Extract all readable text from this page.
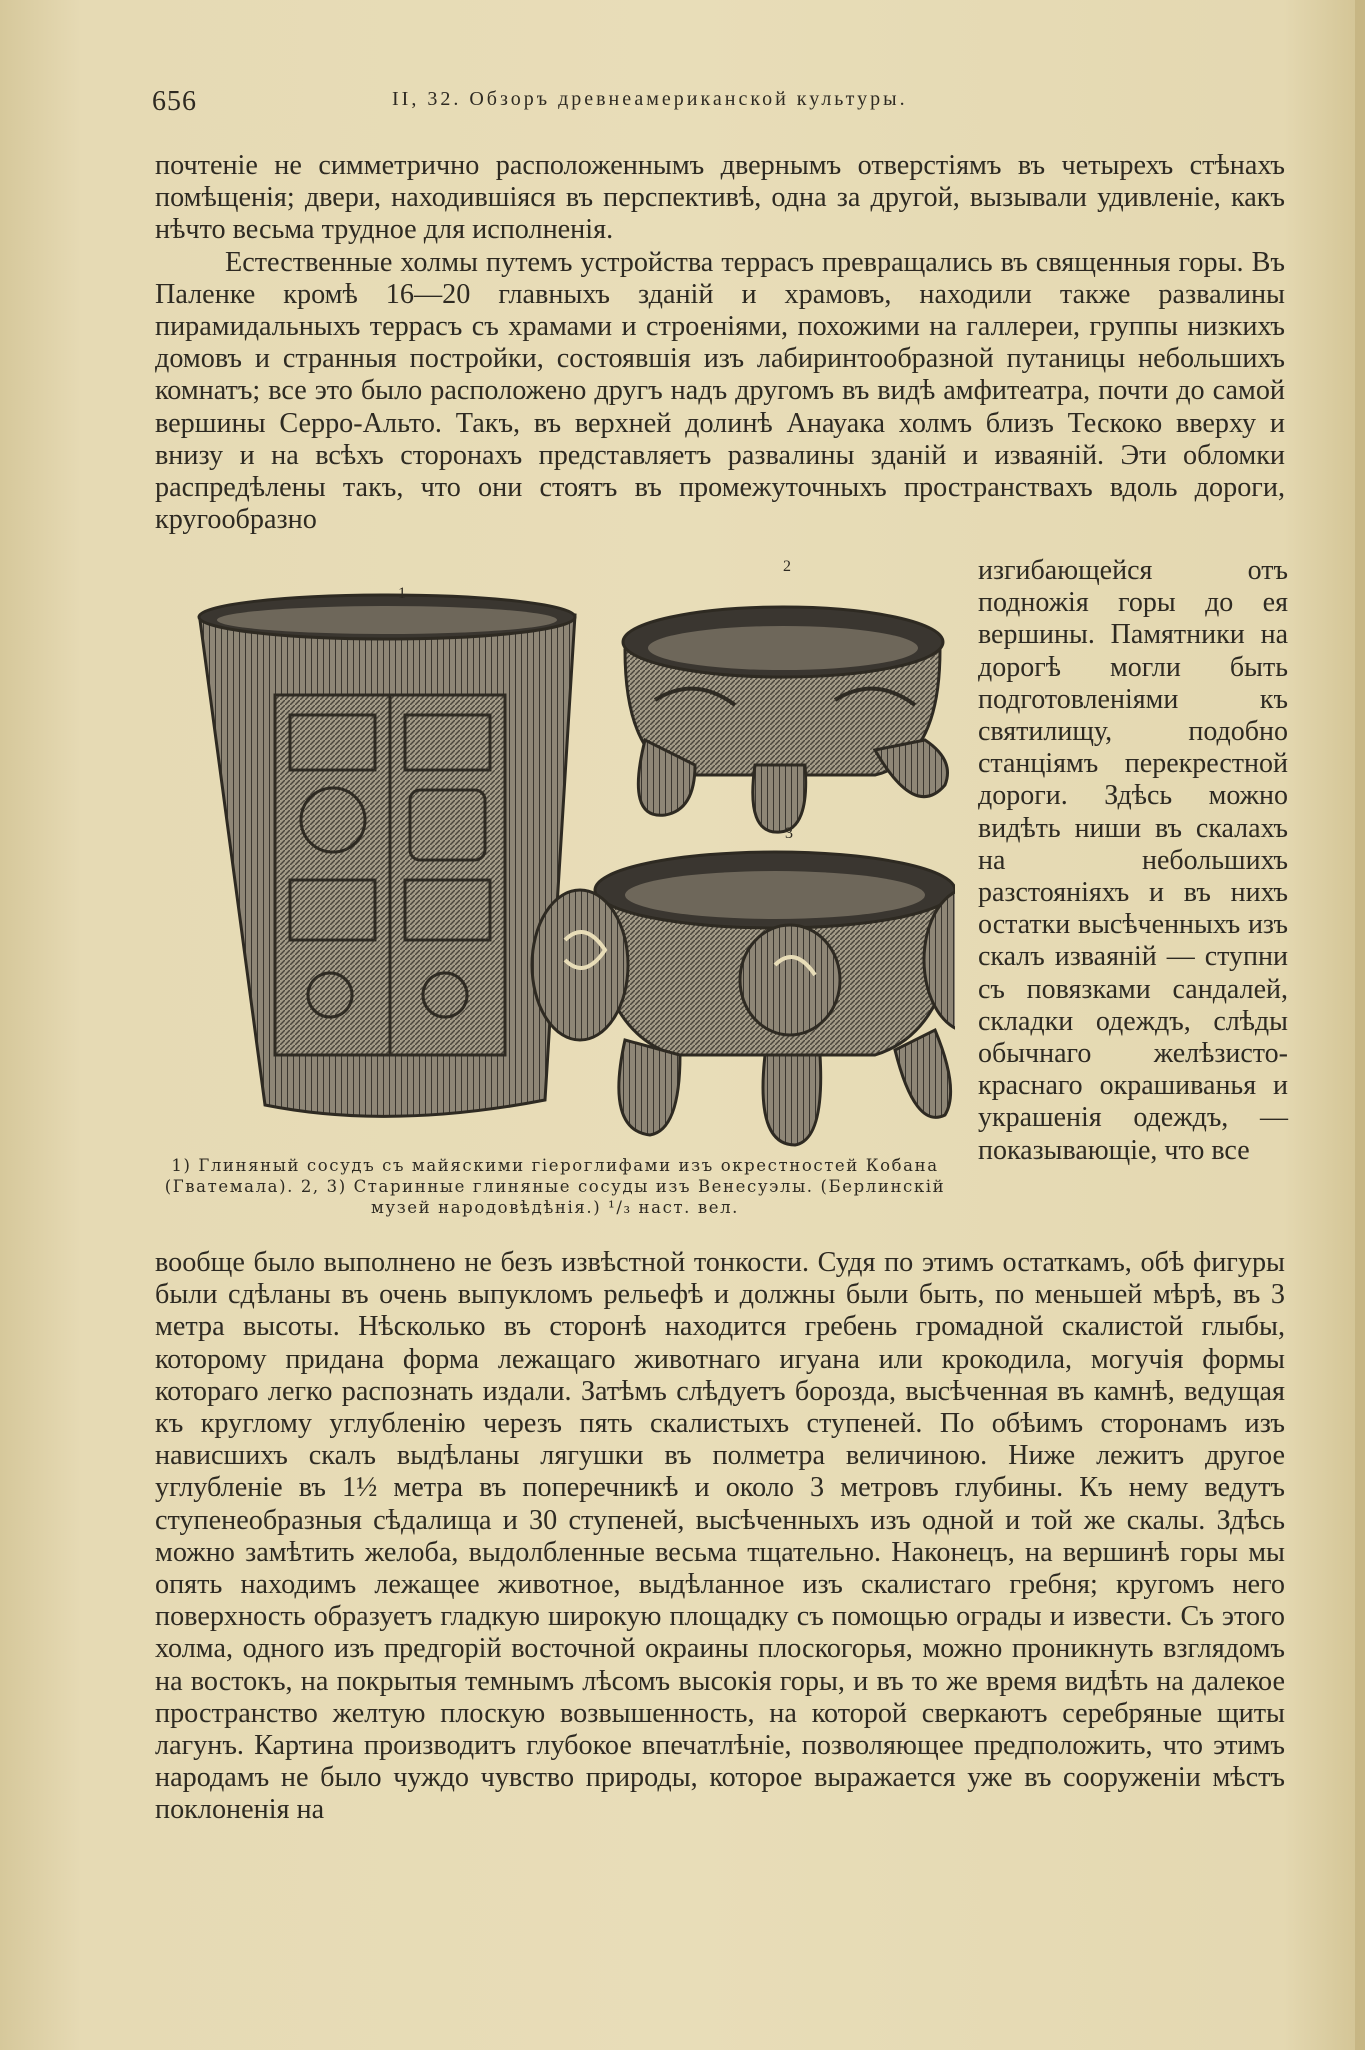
656	II, 32. Обзоръ древнеамериканской культуры.

почтеніе не симметрично расположеннымъ двернымъ отверстіямъ въ четырехъ стѣнахъ помѣщенія; двери, находившіяся въ перспективѣ, одна за другой, вызывали удивленіе, какъ нѣчто весьма трудное для исполненія.

Естественные холмы путемъ устройства террасъ превращались въ священныя горы. Въ Паленке кромѣ 16—20 главныхъ зданій и храмовъ, находили также развалины пирамидальныхъ террасъ съ храмами и строеніями, похожими на галлереи, группы низкихъ домовъ и странныя постройки, состоявшія изъ лабиринтообразной путаницы небольшихъ комнатъ; все это было расположено другъ надъ другомъ въ видѣ амфитеатра, почти до самой вершины Серро-Альто. Такъ, въ верхней долинѣ Анауака холмъ близъ Тескоко вверху и внизу и на всѣхъ сторонахъ представляетъ развалины зданій и изваяній. Эти обломки распредѣлены такъ, что они стоятъ въ промежуточныхъ пространствахъ вдоль дороги, кругообразно

1
2
3
1) Глиняный сосудъ съ майяскими гіероглифами изъ окрестностей Кобана (Гватемала). 2, 3) Старинные глиняные сосуды изъ Венесуэлы. (Берлинскій музей народовѣдѣнія.) ¹/₃ наст. вел.
изгибающейся отъ подножія горы до ея вершины. Памятники на дорогѣ могли быть подготовленіями къ святилищу, подобно станціямъ перекрестной дороги. Здѣсь можно видѣть ниши въ скалахъ на небольшихъ разстояніяхъ и въ нихъ остатки высѣченныхъ изъ скалъ изваяній — ступни съ повязками сандалей, складки одеждъ, слѣды обычнаго желѣзисто-краснаго окрашиванья и украшенія одеждъ, — показывающіе, что все
вообще было выполнено не безъ извѣстной тонкости. Судя по этимъ остаткамъ, обѣ фигуры были сдѣланы въ очень выпукломъ рельефѣ и должны были быть, по меньшей мѣрѣ, въ 3 метра высоты. Нѣсколько въ сторонѣ находится гребень громадной скалистой глыбы, которому придана форма лежащаго животнаго игуана или крокодила, могучія формы котораго легко распознать издали. Затѣмъ слѣдуетъ борозда, высѣченная въ камнѣ, ведущая къ круглому углубленію черезъ пять скалистыхъ ступеней. По обѣимъ сторонамъ изъ нависшихъ скалъ выдѣланы лягушки въ полметра величиною. Ниже лежитъ другое углубленіе въ 1½ метра въ поперечникѣ и около 3 метровъ глубины. Къ нему ведутъ ступенеобразныя сѣдалища и 30 ступеней, высѣченныхъ изъ одной и той же скалы. Здѣсь можно замѣтить желоба, выдолбленные весьма тщательно. Наконецъ, на вершинѣ горы мы опять находимъ лежащее животное, выдѣланное изъ скалистаго гребня; кругомъ него поверхность образуетъ гладкую широкую площадку съ помощью ограды и извести. Съ этого холма, одного изъ предгорій восточной окраины плоскогорья, можно проникнуть взглядомъ на востокъ, на покрытыя темнымъ лѣсомъ высокія горы, и въ то же время видѣть на далекое пространство желтую плоскую возвышенность, на которой сверкаютъ серебряные щиты лагунъ. Картина производитъ глубокое впечатлѣніе, позволяющее предположить, что этимъ народамъ не было чуждо чувство природы, которое выражается уже въ сооруженіи мѣстъ поклоненія на
